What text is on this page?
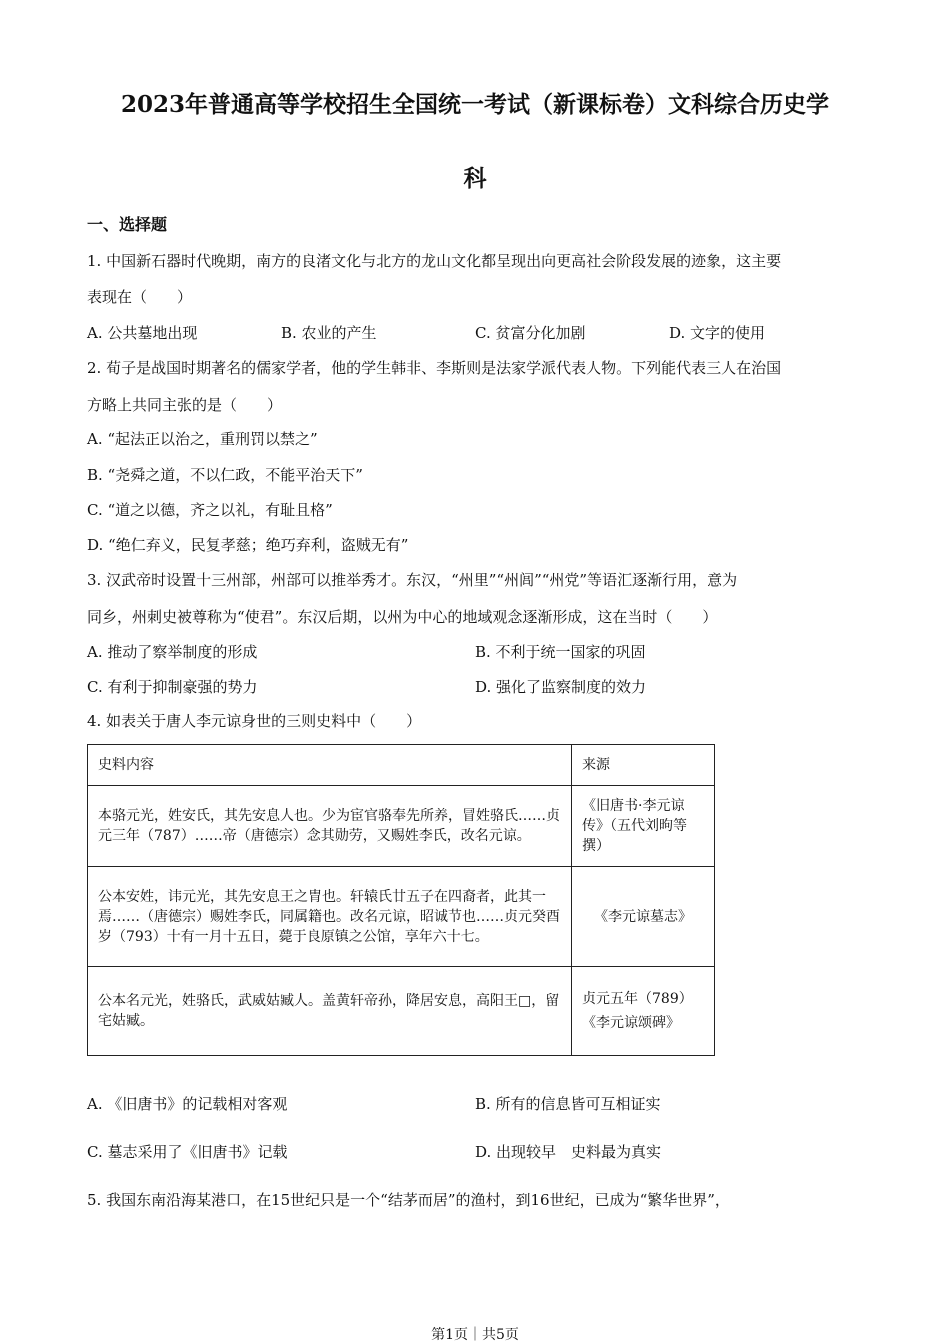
2023年普通高等学校招生全国统一考试（新课标卷）文科综合历史学
科
一、选择题
1. 中国新石器时代晚期，南方的良渚文化与北方的龙山文化都呈现出向更高社会阶段发展的迹象，这主要
表现在（　　）
A. 公共墓地出现	B. 农业的产生	C. 贫富分化加剧	D. 文字的使用
2. 荀子是战国时期著名的儒家学者，他的学生韩非、李斯则是法家学派代表人物。下列能代表三人在治国
方略上共同主张的是（　　）
A. “起法正以治之，重刑罚以禁之”
B. “尧舜之道，不以仁政，不能平治天下”
C. “道之以德，齐之以礼，有耻且格”
D. “绝仁弃义，民复孝慈；绝巧弃利，盗贼无有”
3. 汉武帝时设置十三州部，州部可以推举秀才。东汉，“州里”“州闾”“州党”等语汇逐渐行用，意为
同乡，州刺史被尊称为“使君”。东汉后期，以州为中心的地域观念逐渐形成，这在当时（　　）
A. 推动了察举制度的形成	B. 不利于统一国家的巩固
C. 有利于抑制豪强的势力	D. 强化了监察制度的效力
4. 如表关于唐人李元谅身世的三则史料中（　　）
史料内容	来源
本骆元光，姓安氏，其先安息人也。少为宦官骆奉先所养，冒姓骆氏……贞元三年（787）……帝（唐德宗）念其勋劳，又赐姓李氏，改名元谅。	《旧唐书·李元谅传》（五代刘昫等撰）
公本安姓，讳元光，其先安息王之胄也。轩辕氏廿五子在四裔者，此其一焉……（唐德宗）赐姓李氏，同属籍也。改名元谅，昭诚节也……贞元癸酉岁（793）十有一月十五日，薨于良原镇之公馆，享年六十七。	《李元谅墓志》
公本名元光，姓骆氏，武威姑臧人。盖黄轩帝孙，降居安息，高阳王□，留宅姑臧。	贞元五年（789）
《李元谅颂碑》
A. 《旧唐书》的记载相对客观	B. 所有的信息皆可互相证实
C. 墓志采用了《旧唐书》记载	D. 出现较早　史料最为真实
5. 我国东南沿海某港口，在15世纪只是一个“结茅而居”的渔村，到16世纪，已成为“繁华世界”，
第1页｜共5页
